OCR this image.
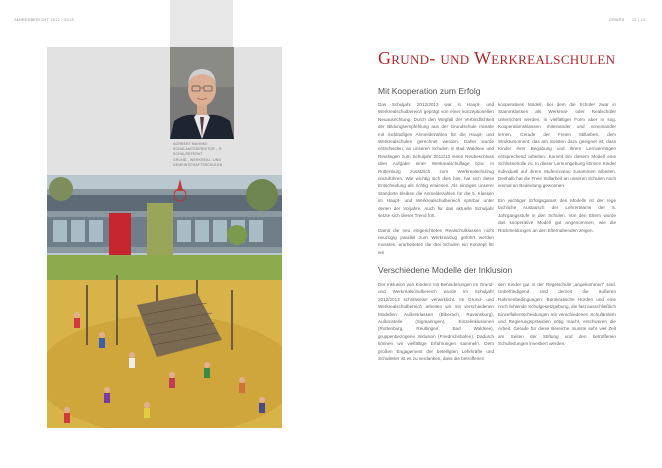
JAHRESBERICHT 2012 / 2013	GRWRS 12 | 13
NORBERT MAHNKE
SCHULAMTSDIREKTOR – R
SCHULREFERAT
GRUND-, WERKREAL- UND
GEMEINSCHAFTSSCHULEN
Grund- und Werkrealschulen
Mit Kooperation zum Erfolg

Das Schuljahr 2012/2013 war in Haupt- und Werkrealschulbereich geprägt von einer konzeptionellen Neuausrichtung. Durch den Wegfall der Verbindlichkeit der Bildungsempfehlung aus der Grundschule musste mit rückläufigen Anmeldezahlen für die Haupt- und Werkrealschulen gerechnet werden. Daher wurde entschieden, an unseren Schulen in Bad Waldsee und Reutlingen zum Schuljahr 2012/13 einen Neubeschluss über Aufgabe einer Werkrealschullage bzw. in Rottenburg zusätzlich zum Werkrealschulzug einzuführen. Wie wichtig sich dies hier, hat sich diese Entscheidung als richtig erwiesen. Als einziges unserer Standorte bleiben die Anmeldezahlen für die 5. Klassen im Haupt- und Werkrealschulbereich spürbar unter denen der Vorjahre. Auch für das aktuelle Schuljahr setzte sich dieser Trend fort.

Damit die neu eingerichteten Realschulklassen nicht neuzügig parallel zum Werkrealzug geführt werden mussten, erarbeiteten die drei Schulen ein Konzept für ein

kooperatives Modell, bei dem die Schüler zwar in Stammklassen als Werkreal- oder Realschüler unterrichtet werden, in vielfältiger Form aber in sog. Kooperationsklassen miteinander und voneinander lernen. Gerade der Freien Stillarbeit, dem Struktumoment, das am meisten dazu geeignet ist, dass Kinder ihrer Begabung und ihrem Lernvermögen entsprechend arbeiten. Kommt bei diesem Modell eine Schlüsselrolle zu. In dieser Lernumgebung können Kinder individuell auf ihrem Stufenniveau zusammen arbeiten. Deshalb hat die Freie Stillarbeit an unseren Schulen noch einmal an Bedeutung gewonnen.

Ein wichtiger Erfolgsgarant des Modells ist der rege fachliche Austausch der Lehrerteams der 5. Jahrgangsstufe in den Schulen. Von den Eltern wurde das kooperative Modell gut angenommen, wie die Rückmeldungen an den Elternabenden zeigen.

Verschiedene Modelle der Inklusion

Der Inklusion von Kindern mit Behinderungen im Grund- und Werkrealschulbereich wurde im Schuljahr 2012/2013 schrittweise verwirklicht. Im Grund- und Werkrealschulbereich arbeiten wir mit verschiedenen Modellen: Außenklassen (Biberach, Ravensburg), Außenstelle (Sigmaringen), Einzelinklusionen (Rottenburg, Reutlingen, Bad Waldsee), gruppenbezogene Inklusion (Friedrichshafen). Dadurch können wir vielfältige Erfahrungen sammeln. Dem großen Engagement der beteiligten Lehrkräfte und Schulleiter ist es zu verdanken, dass die betroffenen

den Kinder gut in der Regelschule „angekommen“ sind. Unbefriedigend sind derzeit die äußeren Rahmenbedingungen: Bürokratische Hürden und eine noch fehlende Schulgesetzgebung, die fast ausschließlich Einzelfallentscheidungen mit verschiedenen Schulämtern und Regierungspräsidien nötig macht, erschweren die Arbeit. Gerade für diese Bereiche musste sehr viel Zeit am Seiten der Stiftung und den betroffenen Schulleitungen investiert werden.
